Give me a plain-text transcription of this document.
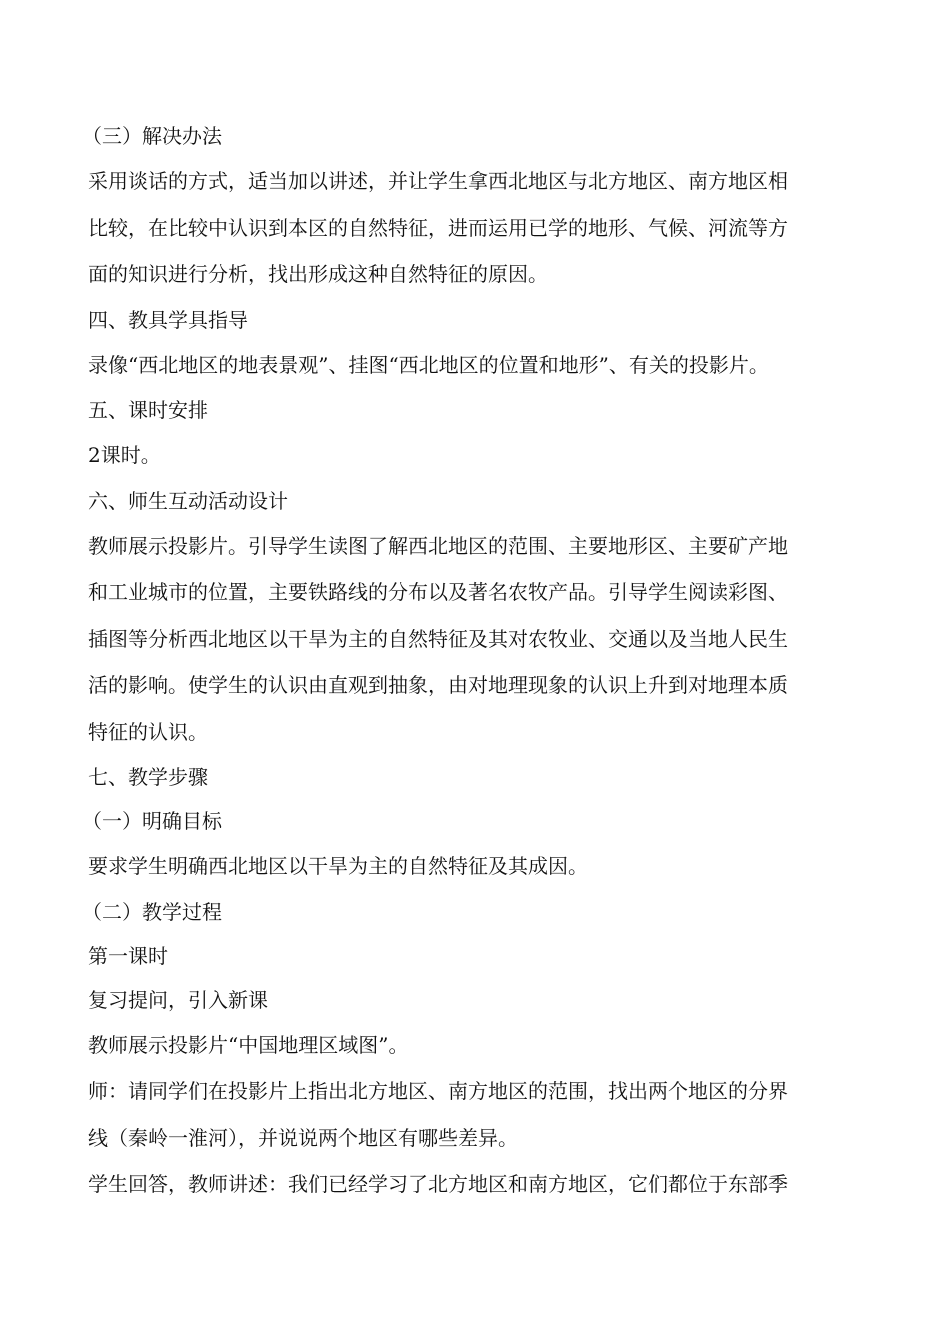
（三）解决办法
采用谈话的方式，适当加以讲述，并让学生拿西北地区与北方地区、南方地区相
比较，在比较中认识到本区的自然特征，进而运用已学的地形、气候、河流等方
面的知识进行分析，找出形成这种自然特征的原因。
四、教具学具指导
录像“西北地区的地表景观”、挂图“西北地区的位置和地形”、有关的投影片。
五、课时安排
2课时。
六、师生互动活动设计
教师展示投影片。引导学生读图了解西北地区的范围、主要地形区、主要矿产地
和工业城市的位置，主要铁路线的分布以及著名农牧产品。引导学生阅读彩图、
插图等分析西北地区以干旱为主的自然特征及其对农牧业、交通以及当地人民生
活的影响。使学生的认识由直观到抽象，由对地理现象的认识上升到对地理本质
特征的认识。
七、教学步骤
（一）明确目标
要求学生明确西北地区以干旱为主的自然特征及其成因。
（二）教学过程
第一课时
复习提问，引入新课
教师展示投影片“中国地理区域图”。
师：请同学们在投影片上指出北方地区、南方地区的范围，找出两个地区的分界
线（秦岭一淮河），并说说两个地区有哪些差异。
学生回答，教师讲述：我们已经学习了北方地区和南方地区，它们都位于东部季
